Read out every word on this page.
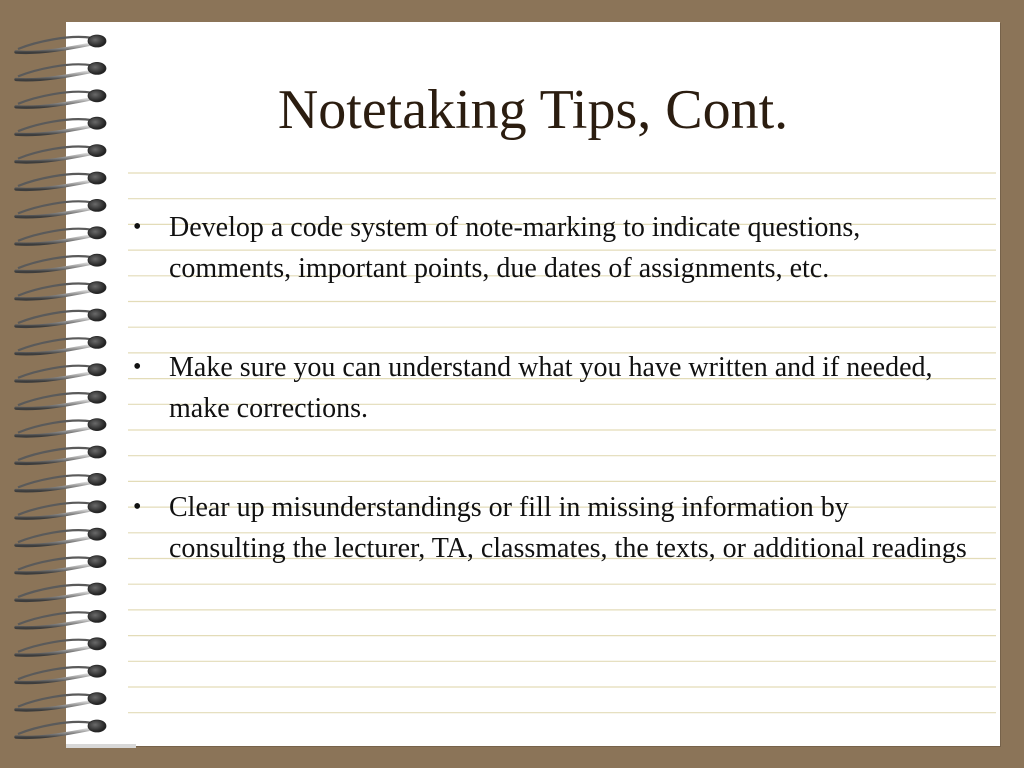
Notetaking Tips, Cont.
• Develop a code system of note-marking to indicate questions, comments, important points, due dates of assignments, etc.
• Make sure you can understand what you have written and if needed, make corrections.
• Clear up misunderstandings or fill in missing information by consulting the lecturer, TA, classmates, the texts, or additional readings
